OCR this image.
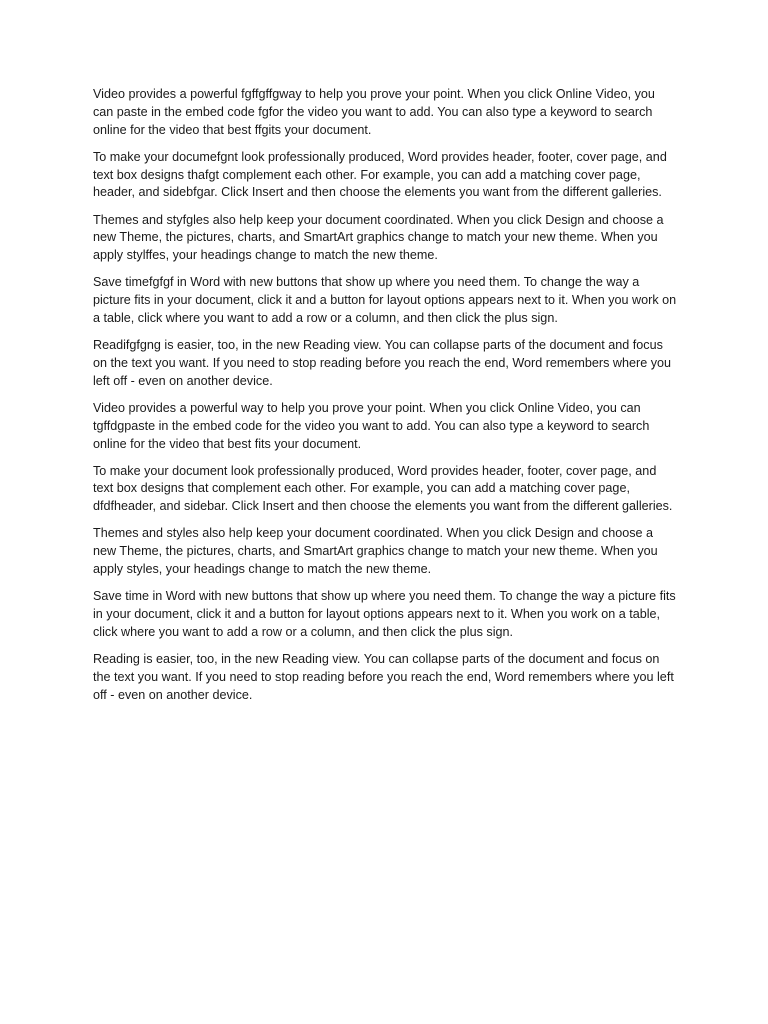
Video provides a powerful fgffgffgway to help you prove your point. When you click Online Video, you can paste in the embed code fgfor the video you want to add. You can also type a keyword to search online for the video that best ffgits your document.

To make your documefgnt look professionally produced, Word provides header, footer, cover page, and text box designs thafgt complement each other. For example, you can add a matching cover page, header, and sidebfgar. Click Insert and then choose the elements you want from the different galleries.

Themes and styfgles also help keep your document coordinated. When you click Design and choose a new Theme, the pictures, charts, and SmartArt graphics change to match your new theme. When you apply stylffes, your headings change to match the new theme.

Save timefgfgf in Word with new buttons that show up where you need them. To change the way a picture fits in your document, click it and a button for layout options appears next to it. When you work on a table, click where you want to add a row or a column, and then click the plus sign.

Readifgfgng is easier, too, in the new Reading view. You can collapse parts of the document and focus on the text you want. If you need to stop reading before you reach the end, Word remembers where you left off - even on another device.

Video provides a powerful way to help you prove your point. When you click Online Video, you can tgffdgpaste in the embed code for the video you want to add. You can also type a keyword to search online for the video that best fits your document.

To make your document look professionally produced, Word provides header, footer, cover page, and text box designs that complement each other. For example, you can add a matching cover page, dfdfheader, and sidebar. Click Insert and then choose the elements you want from the different galleries.

Themes and styles also help keep your document coordinated. When you click Design and choose a new Theme, the pictures, charts, and SmartArt graphics change to match your new theme. When you apply styles, your headings change to match the new theme.

Save time in Word with new buttons that show up where you need them. To change the way a picture fits in your document, click it and a button for layout options appears next to it. When you work on a table, click where you want to add a row or a column, and then click the plus sign.

Reading is easier, too, in the new Reading view. You can collapse parts of the document and focus on the text you want. If you need to stop reading before you reach the end, Word remembers where you left off - even on another device.
